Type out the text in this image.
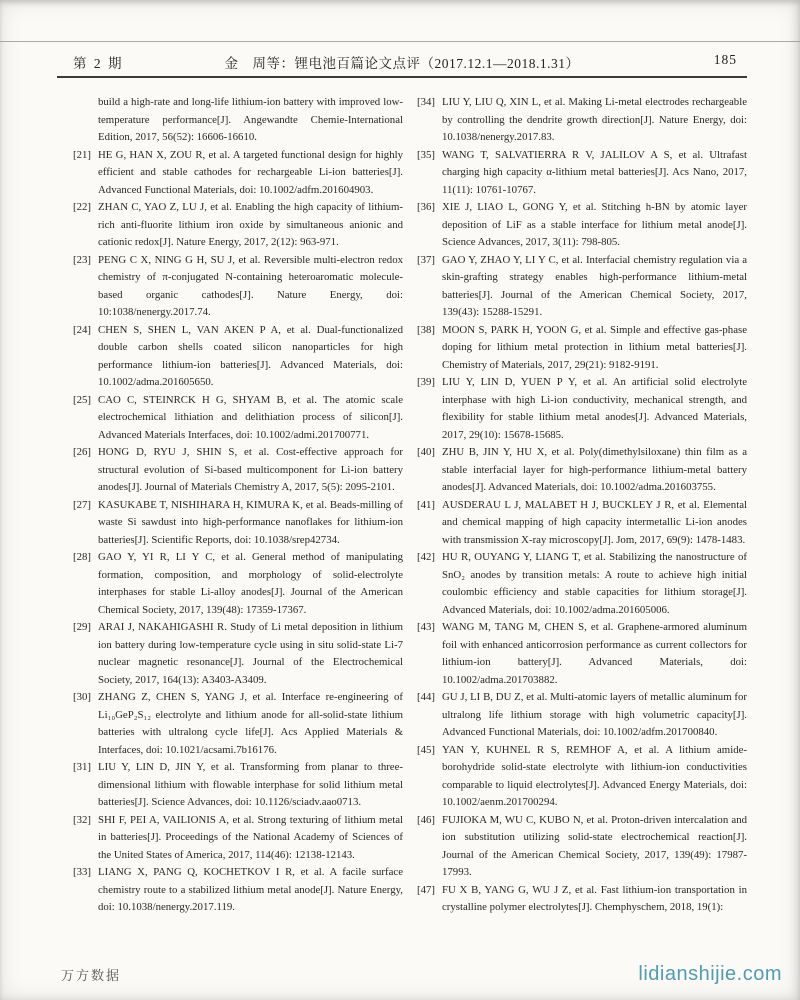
第 2 期	金　周等：锂电池百篇论文点评（2017.12.1—2018.1.31）	185

build a high-rate and long-life lithium-ion battery with improved low-temperature performance[J]. Angewandte Chemie-International Edition, 2017, 56(52): 16606-16610.

[21] HE G, HAN X, ZOU R, et al. A targeted functional design for highly efficient and stable cathodes for rechargeable Li-ion batteries[J]. Advanced Functional Materials, doi: 10.1002/adfm.201604903.

[22] ZHAN C, YAO Z, LU J, et al. Enabling the high capacity of lithium-rich anti-fluorite lithium iron oxide by simultaneous anionic and cationic redox[J]. Nature Energy, 2017, 2(12): 963-971.

[23] PENG C X, NING G H, SU J, et al. Reversible multi-electron redox chemistry of π-conjugated N-containing heteroaromatic molecule-based organic cathodes[J]. Nature Energy, doi: 10:1038/nenergy.2017.74.

[24] CHEN S, SHEN L, VAN AKEN P A, et al. Dual-functionalized double carbon shells coated silicon nanoparticles for high performance lithium-ion batteries[J]. Advanced Materials, doi: 10.1002/adma.201605650.

[25] CAO C, STEINRCK H G, SHYAM B, et al. The atomic scale electrochemical lithiation and delithiation process of silicon[J]. Advanced Materials Interfaces, doi: 10.1002/admi.201700771.

[26] HONG D, RYU J, SHIN S, et al. Cost-effective approach for structural evolution of Si-based multicomponent for Li-ion battery anodes[J]. Journal of Materials Chemistry A, 2017, 5(5): 2095-2101.

[27] KASUKABE T, NISHIHARA H, KIMURA K, et al. Beads-milling of waste Si sawdust into high-performance nanoflakes for lithium-ion batteries[J]. Scientific Reports, doi: 10.1038/srep42734.

[28] GAO Y, YI R, LI Y C, et al. General method of manipulating formation, composition, and morphology of solid-electrolyte interphases for stable Li-alloy anodes[J]. Journal of the American Chemical Society, 2017, 139(48): 17359-17367.

[29] ARAI J, NAKAHIGASHI R. Study of Li metal deposition in lithium ion battery during low-temperature cycle using in situ solid-state Li-7 nuclear magnetic resonance[J]. Journal of the Electrochemical Society, 2017, 164(13): A3403-A3409.

[30] ZHANG Z, CHEN S, YANG J, et al. Interface re-engineering of Li₁₀GeP₂S₁₂ electrolyte and lithium anode for all-solid-state lithium batteries with ultralong cycle life[J]. Acs Applied Materials & Interfaces, doi: 10.1021/acsami.7b16176.

[31] LIU Y, LIN D, JIN Y, et al. Transforming from planar to three-dimensional lithium with flowable interphase for solid lithium metal batteries[J]. Science Advances, doi: 10.1126/sciadv.aao0713.

[32] SHI F, PEI A, VAILIONIS A, et al. Strong texturing of lithium metal in batteries[J]. Proceedings of the National Academy of Sciences of the United States of America, 2017, 114(46): 12138-12143.

[33] LIANG X, PANG Q, KOCHETKOV I R, et al. A facile surface chemistry route to a stabilized lithium metal anode[J]. Nature Energy, doi: 10.1038/nenergy.2017.119.

[34] LIU Y, LIU Q, XIN L, et al. Making Li-metal electrodes rechargeable by controlling the dendrite growth direction[J]. Nature Energy, doi: 10.1038/nenergy.2017.83.

[35] WANG T, SALVATIERRA R V, JALILOV A S, et al. Ultrafast charging high capacity α-lithium metal batteries[J]. Acs Nano, 2017, 11(11): 10761-10767.

[36] XIE J, LIAO L, GONG Y, et al. Stitching h-BN by atomic layer deposition of LiF as a stable interface for lithium metal anode[J]. Science Advances, 2017, 3(11): 798-805.

[37] GAO Y, ZHAO Y, LI Y C, et al. Interfacial chemistry regulation via a skin-grafting strategy enables high-performance lithium-metal batteries[J]. Journal of the American Chemical Society, 2017, 139(43): 15288-15291.

[38] MOON S, PARK H, YOON G, et al. Simple and effective gas-phase doping for lithium metal protection in lithium metal batteries[J]. Chemistry of Materials, 2017, 29(21): 9182-9191.

[39] LIU Y, LIN D, YUEN P Y, et al. An artificial solid electrolyte interphase with high Li-ion conductivity, mechanical strength, and flexibility for stable lithium metal anodes[J]. Advanced Materials, 2017, 29(10): 15678-15685.

[40] ZHU B, JIN Y, HU X, et al. Poly(dimethylsiloxane) thin film as a stable interfacial layer for high-performance lithium-metal battery anodes[J]. Advanced Materials, doi: 10.1002/adma.201603755.

[41] AUSDERAU L J, MALABET H J, BUCKLEY J R, et al. Elemental and chemical mapping of high capacity intermetallic Li-ion anodes with transmission X-ray microscopy[J]. Jom, 2017, 69(9): 1478-1483.

[42] HU R, OUYANG Y, LIANG T, et al. Stabilizing the nanostructure of SnO₂ anodes by transition metals: A route to achieve high initial coulombic efficiency and stable capacities for lithium storage[J]. Advanced Materials, doi: 10.1002/adma.201605006.

[43] WANG M, TANG M, CHEN S, et al. Graphene-armored aluminum foil with enhanced anticorrosion performance as current collectors for lithium-ion battery[J]. Advanced Materials, doi: 10.1002/adma.201703882.

[44] GU J, LI B, DU Z, et al. Multi-atomic layers of metallic aluminum for ultralong life lithium storage with high volumetric capacity[J]. Advanced Functional Materials, doi: 10.1002/adfm.201700840.

[45] YAN Y, KUHNEL R S, REMHOF A, et al. A lithium amide-borohydride solid-state electrolyte with lithium-ion conductivities comparable to liquid electrolytes[J]. Advanced Energy Materials, doi: 10.1002/aenm.201700294.

[46] FUJIOKA M, WU C, KUBO N, et al. Proton-driven intercalation and ion substitution utilizing solid-state electrochemical reaction[J]. Journal of the American Chemical Society, 2017, 139(49): 17987-17993.

[47] FU X B, YANG G, WU J Z, et al. Fast lithium-ion transportation in crystalline polymer electrolytes[J]. Chemphyschem, 2018, 19(1):

万方数据	lidianshijie.com
